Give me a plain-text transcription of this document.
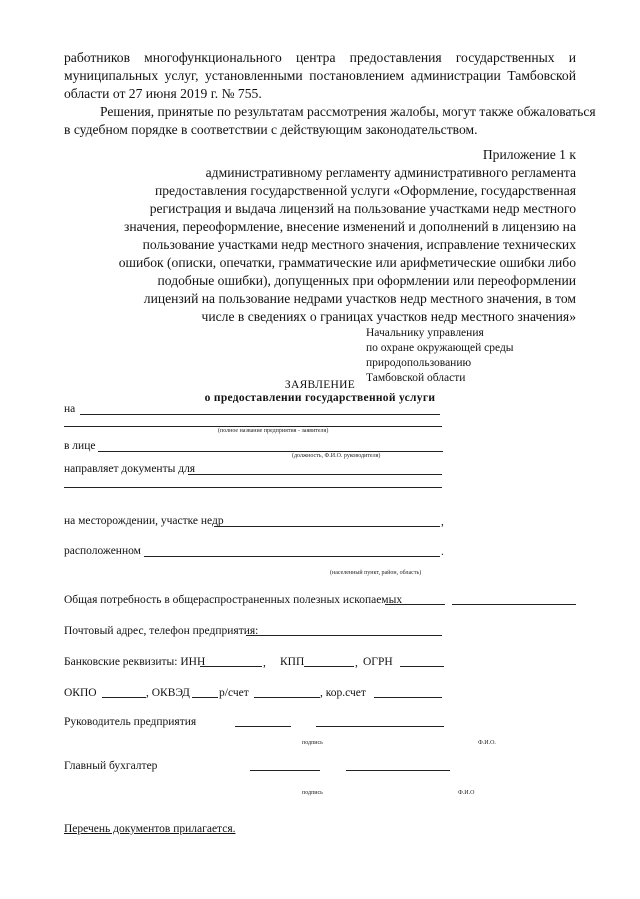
работников многофункционального центра предоставления государственных и
муниципальных услуг, установленными постановлением администрации Тамбовской
области от 27 июня 2019 г. № 755.
Решения, принятые по результатам рассмотрения жалобы, могут также обжаловаться
в судебном порядке в соответствии с действующим законодательством.
Приложение 1 к
административному регламенту административного регламента
предоставления государственной услуги «Оформление, государственная
регистрация и выдача лицензий на пользование участками недр местного
значения, переоформление, внесение изменений и дополнений в лицензию на
пользование участками недр местного значения, исправление технических
ошибок (описки, опечатки, грамматические или арифметические ошибки либо
подобные ошибки), допущенных при оформлении или переоформлении
лицензий на пользование недрами участков недр местного значения, в том
числе в сведениях о границах участков недр местного значения»
Начальнику управления
по охране окружающей среды
природопользованию
Тамбовской области
ЗАЯВЛЕНИЕ
о предоставлении государственной услуги
на
(полное название предприятия - заявителя)
в лице
(должность, Ф.И.О. руководителя)
направляет документы для
на месторождении, участке недр	,
расположенном	.
(населенный пункт, район, область)
Общая потребность в общераспространенных полезных ископаемых
Почтовый адрес, телефон предприятия:
Банковские реквизиты: ИНН	, КПП	, ОГРН
ОКПО	, ОКВЭД	р/счет	, кор.счет
Руководитель предприятия
подпись	Ф.И.О.
Главный бухгалтер
подпись	Ф.И.О
Перечень документов прилагается.
